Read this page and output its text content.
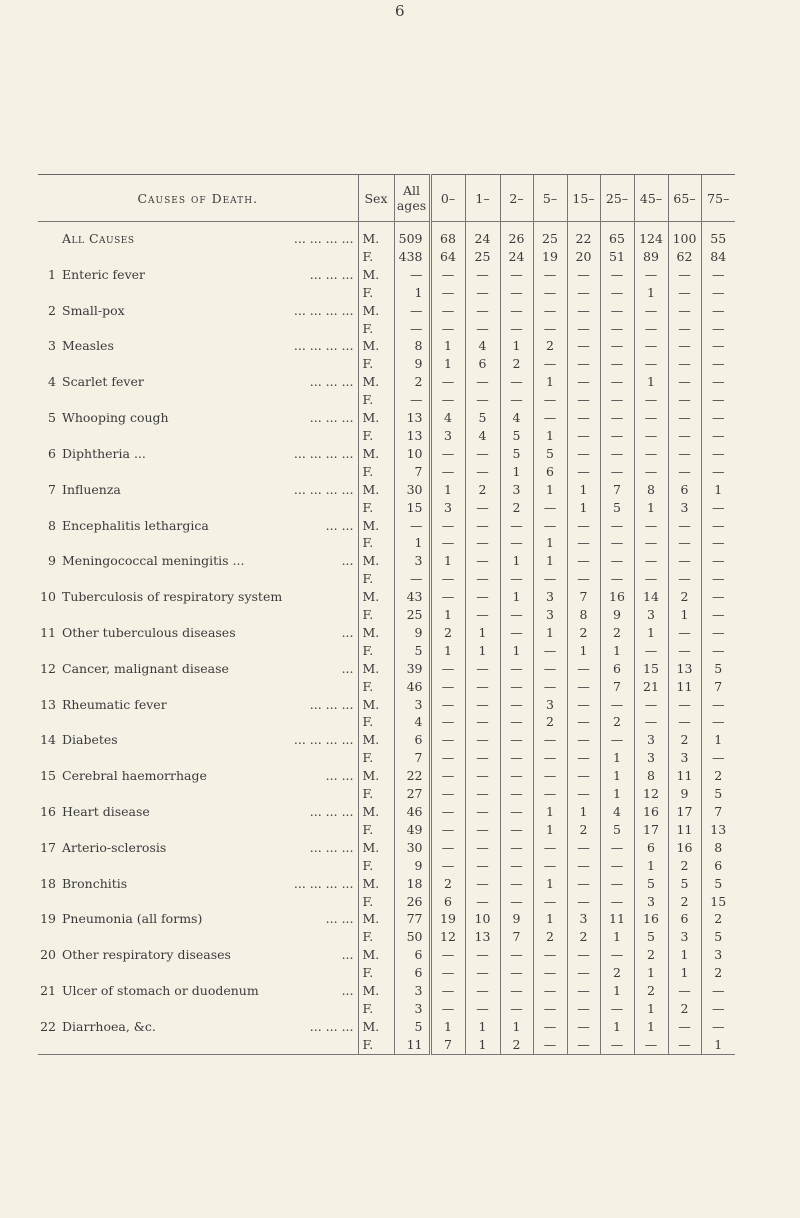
6
Causes of Death.	Sex	All ages	0–	1–	2–	5–	15–	25–	45–	65–	75–

All Causes ... ... ... ...	M.	509	68	24	26	25	22	65	124	100	55
	F.	438	64	25	24	19	20	51	89	62	84

1 Enteric fever ... ... ...	M.	—	—	—	—	—	—	—	—	—	—
	F.	1	—	—	—	—	—	—	1	—	—

2 Small-pox ... ... ... ...	M.	—	—	—	—	—	—	—	—	—	—
	F.	—	—	—	—	—	—	—	—	—	—

3 Measles ... ... ... ...	M.	8	1	4	1	2	—	—	—	—	—
	F.	9	1	6	2	—	—	—	—	—	—

4 Scarlet fever ... ... ...	M.	2	—	—	—	1	—	—	1	—	—
	F.	—	—	—	—	—	—	—	—	—	—

5 Whooping cough ... ... ...	M.	13	4	5	4	—	—	—	—	—	—
	F.	13	3	4	5	1	—	—	—	—	—

6 Diphtheria ... ... ... ... ...	M.	10	—	—	5	5	—	—	—	—	—
	F.	7	—	—	1	6	—	—	—	—	—

7 Influenza ... ... ... ...	M.	30	1	2	3	1	1	7	8	6	1
	F.	15	3	—	2	—	1	5	1	3	—

8 Encephalitis lethargica ... ...	M.	—	—	—	—	—	—	—	—	—	—
	F.	1	—	—	—	1	—	—	—	—	—

9 Meningococcal meningitis ... ...	M.	3	1	—	1	1	—	—	—	—	—
	F.	—	—	—	—	—	—	—	—	—	—

10 Tuberculosis of respiratory system	M.	43	—	—	1	3	7	16	14	2	—
	F.	25	1	—	—	3	8	9	3	1	—

11 Other tuberculous diseases ...	M.	9	2	1	—	1	2	2	1	—	—
	F.	5	1	1	1	—	1	1	—	—	—

12 Cancer, malignant disease ...	M.	39	—	—	—	—	—	6	15	13	5
	F.	46	—	—	—	—	—	7	21	11	7

13 Rheumatic fever ... ... ...	M.	3	—	—	—	3	—	—	—	—	—
	F.	4	—	—	—	2	—	2	—	—	—

14 Diabetes ... ... ... ...	M.	6	—	—	—	—	—	—	3	2	1
	F.	7	—	—	—	—	—	1	3	3	—

15 Cerebral haemorrhage ... ...	M.	22	—	—	—	—	—	1	8	11	2
	F.	27	—	—	—	—	—	1	12	9	5

16 Heart disease ... ... ...	M.	46	—	—	—	1	1	4	16	17	7
	F.	49	—	—	—	1	2	5	17	11	13

17 Arterio-sclerosis ... ... ...	M.	30	—	—	—	—	—	—	6	16	8
	F.	9	—	—	—	—	—	—	1	2	6

18 Bronchitis ... ... ... ...	M.	18	2	—	—	1	—	—	5	5	5
	F.	26	6	—	—	—	—	—	3	2	15

19 Pneumonia (all forms) ... ...	M.	77	19	10	9	1	3	11	16	6	2
	F.	50	12	13	7	2	2	1	5	3	5

20 Other respiratory diseases ...	M.	6	—	—	—	—	—	—	2	1	3
	F.	6	—	—	—	—	—	2	1	1	2

21 Ulcer of stomach or duodenum ...	M.	3	—	—	—	—	—	1	2	—	—
	F.	3	—	—	—	—	—	—	1	2	—

22 Diarrhoea, &c. ... ... ...	M.	5	1	1	1	—	—	1	1	—	—
	F.	11	7	1	2	—	—	—	—	—	1
